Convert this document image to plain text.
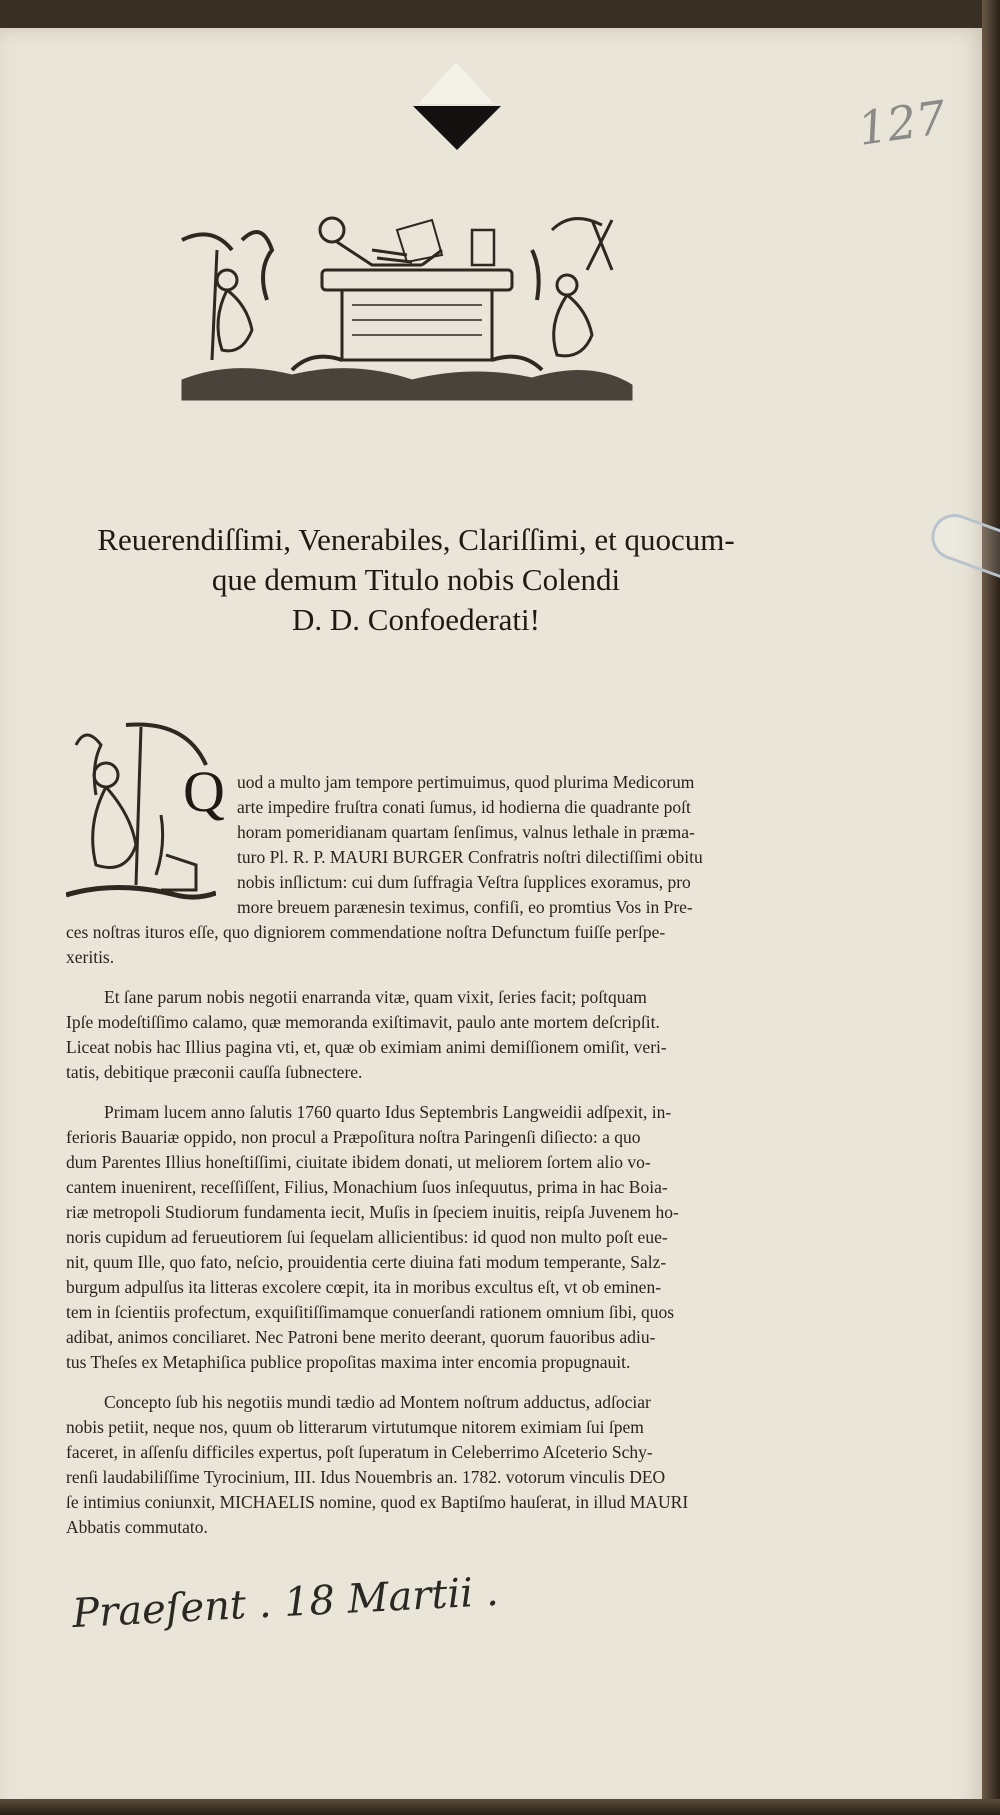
127
Reuerendiſſimi, Venerabiles, Clariſſimi, et quocum-
que demum Titulo nobis Colendi
D. D. Confoederati!
Q uod a multo jam tempore pertimuimus, quod plurima Medicorum
arte impedire fruſtra conati ſumus, id hodierna die quadrante poſt
horam pomeridianam quartam ſenſimus, valnus lethale in præma-
turo Pl. R. P. MAURI BURGER Confratris noſtri dilectiſſimi obitu
nobis inſlictum: cui dum ſuffragia Veſtra ſupplices exoramus, pro
more breuem parænesin teximus, confiſi, eo promtius Vos in Pre-
ces noſtras ituros eſſe, quo digniorem commendatione noſtra Defunctum fuiſſe perſpe-
xeritis.
Et ſane parum nobis negotii enarranda vitæ, quam vixit, ſeries facit; poſtquam
Ipſe modeſtiſſimo calamo, quæ memoranda exiſtimavit, paulo ante mortem deſcripſit.
Liceat nobis hac Illius pagina vti, et, quæ ob eximiam animi demiſſionem omiſit, veri-
tatis, debitique præconii cauſſa ſubnectere.
Primam lucem anno ſalutis 1760 quarto Idus Septembris Langweidii adſpexit, in-
ferioris Bauariæ oppido, non procul a Præpoſitura noſtra Paringenſi diſiecto: a quo
dum Parentes Illius honeſtiſſimi, ciuitate ibidem donati, ut meliorem ſortem alio vo-
cantem inuenirent, receſſiſſent, Filius, Monachium ſuos inſequutus, prima in hac Boia-
riæ metropoli Studiorum fundamenta iecit, Muſis in ſpeciem inuitis, reipſa Juvenem ho-
noris cupidum ad ferueutiorem ſui ſequelam allicientibus: id quod non multo poſt eue-
nit, quum Ille, quo fato, neſcio, prouidentia certe diuina fati modum temperante, Salz-
burgum adpulſus ita litteras excolere cœpit, ita in moribus excultus eſt, vt ob eminen-
tem in ſcientiis profectum, exquiſitiſſimamque conuerſandi rationem omnium ſibi, quos
adibat, animos conciliaret. Nec Patroni bene merito deerant, quorum fauoribus adiu-
tus Theſes ex Metaphiſica publice propoſitas maxima inter encomia propugnauit.
Concepto ſub his negotiis mundi tædio ad Montem noſtrum adductus, adſociar
nobis petiit, neque nos, quum ob litterarum virtutumque nitorem eximiam ſui ſpem
faceret, in aſſenſu difficiles expertus, poſt ſuperatum in Celeberrimo Aſceterio Schy-
renſi laudabiliſſime Tyrocinium, III. Idus Nouembris an. 1782. votorum vinculis DEO
ſe intimius coniunxit, MICHAELIS nomine, quod ex Baptiſmo hauſerat, in illud MAURI
Abbatis commutato.
Praeſent . 18 Martii .
